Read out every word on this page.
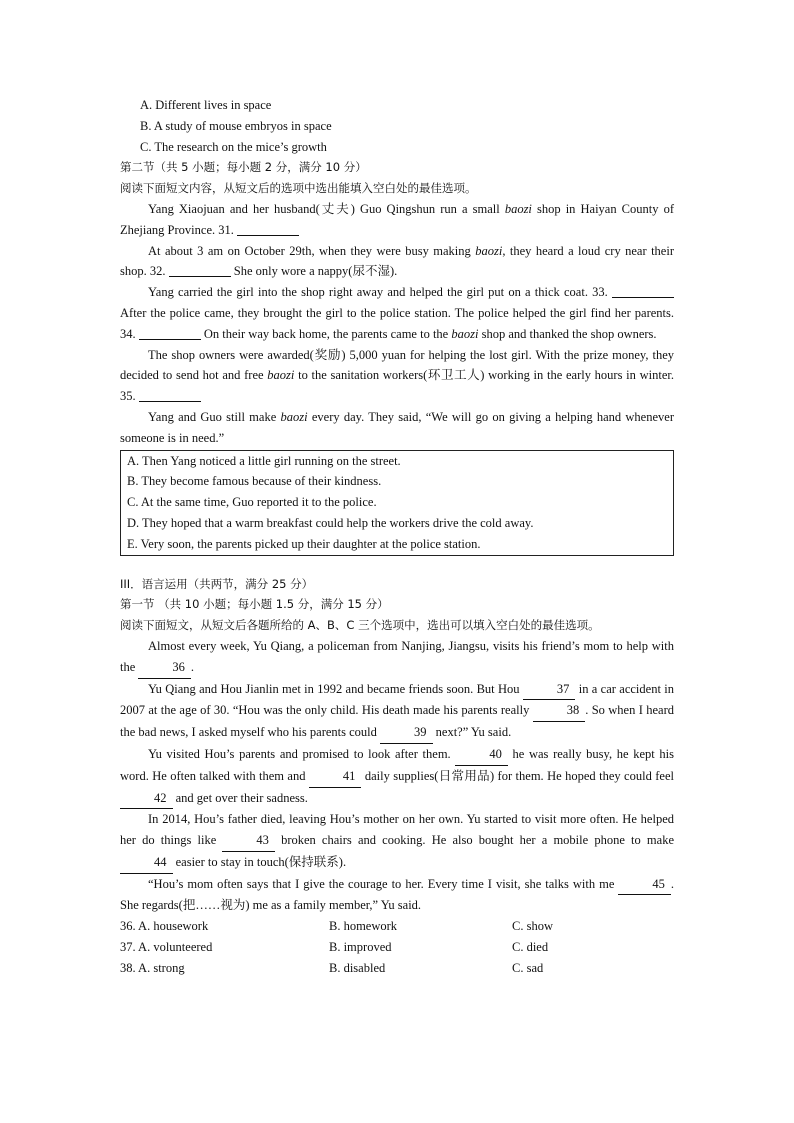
A. Different lives in space
B. A study of mouse embryos in space
C. The research on the mice’s growth
第二节（共 5 小题；每小题 2 分，满分 10 分）
阅读下面短文内容，从短文后的选项中选出能填入空白处的最佳选项。
Yang Xiaojuan and her husband(丈夫) Guo Qingshun run a small baozi shop in Haiyan County of Zhejiang Province. 31.
At about 3 am on October 29th, when they were busy making baozi, they heard a loud cry near their shop. 32.	She only wore a nappy(尿不湿).
Yang carried the girl into the shop right away and helped the girl put on a thick coat. 33.  After the police came, they brought the girl to the police station. The police helped the girl find her parents. 34.	On their way back home, the parents came to the baozi shop and thanked the shop owners.
The shop owners were awarded(奖励) 5,000 yuan for helping the lost girl. With the prize money, they decided to send hot and free baozi to the sanitation workers(环卫工人) working in the early hours in winter. 35.
Yang and Guo still make baozi every day. They said, “We will go on giving a helping hand whenever someone is in need.”
A. Then Yang noticed a little girl running on the street.
B. They become famous because of their kindness.
C. At the same time, Guo reported it to the police.
D. They hoped that a warm breakfast could help the workers drive the cold away.
E. Very soon, the parents picked up their daughter at the police station.
III．语言运用（共两节，满分 25 分）
第一节 （共 10 小题；每小题 1.5 分，满分 15 分）
阅读下面短文，从短文后各题所给的 A、B、C 三个选项中，选出可以填入空白处的最佳选项。
Almost every week, Yu Qiang, a policeman from Nanjing, Jiangsu, visits his friend’s mom to help with the	36 .
Yu Qiang and Hou Jianlin met in 1992 and became friends soon. But Hou	37 in a car accident in 2007 at the age of 30. “Hou was the only child. His death made his parents really	38 . So when I heard the bad news, I asked myself who his parents could	39 next?” Yu said.
Yu visited Hou’s parents and promised to look after them.	40 he was really busy, he kept his word. He often talked with them and	41 daily supplies(日常用品) for them. He hoped they could feel 42 and get over their sadness.
In 2014, Hou’s father died, leaving Hou’s mother on her own. Yu started to visit more often. He helped her do things like	43 broken chairs and cooking. He also bought her a mobile phone to make 44 easier to stay in touch(保持联系).
“Hou’s mom often says that I give the courage to her. Every time I visit, she talks with me	45 . She regards(把……视为) me as a family member,” Yu said.
36. A. housework	B. homework	C. show
37. A. volunteered	B. improved	C. died
38. A. strong	B. disabled	C. sad
